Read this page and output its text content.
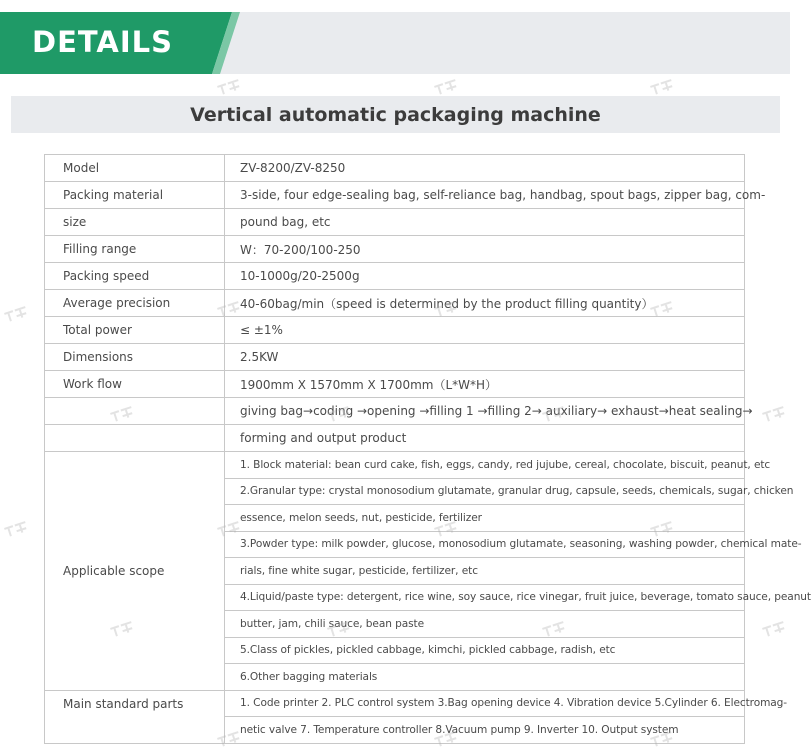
DETAILS
Vertical automatic packaging machine
Model	ZV-8200/ZV-8250
Packing material	3-side, four edge-sealing bag, self-reliance bag, handbag, spout bags, zipper bag, com-
size	pound bag, etc
Filling range	W：70-200/100-250
Packing speed	10-1000g/20-2500g
Average precision	40-60bag/min（speed is determined by the product filling quantity）
Total power	≤ ±1%
Dimensions	2.5KW
Work flow	1900mm X 1570mm X 1700mm（L*W*H）
	giving bag→coding →opening →filling 1 →filling 2→ auxiliary→ exhaust→heat sealing→
	forming and output product
Applicable scope	1. Block material: bean curd cake, fish, eggs, candy, red jujube, cereal, chocolate, biscuit, peanut, etc
	2.Granular type: crystal monosodium glutamate, granular drug, capsule, seeds, chemicals, sugar, chicken
	essence, melon seeds, nut, pesticide, fertilizer
	3.Powder type: milk powder, glucose, monosodium glutamate, seasoning, washing powder, chemical mate-
	rials, fine white sugar, pesticide, fertilizer, etc
	4.Liquid/paste type: detergent, rice wine, soy sauce, rice vinegar, fruit juice, beverage, tomato sauce, peanut
	butter, jam, chili sauce, bean paste
	5.Class of pickles, pickled cabbage, kimchi, pickled cabbage, radish, etc
	6.Other bagging materials
Main standard parts	1. Code printer 2. PLC control system 3.Bag opening device 4. Vibration device 5.Cylinder 6. Electromag-
	netic valve 7. Temperature controller 8.Vacuum pump 9. Inverter 10. Output system
